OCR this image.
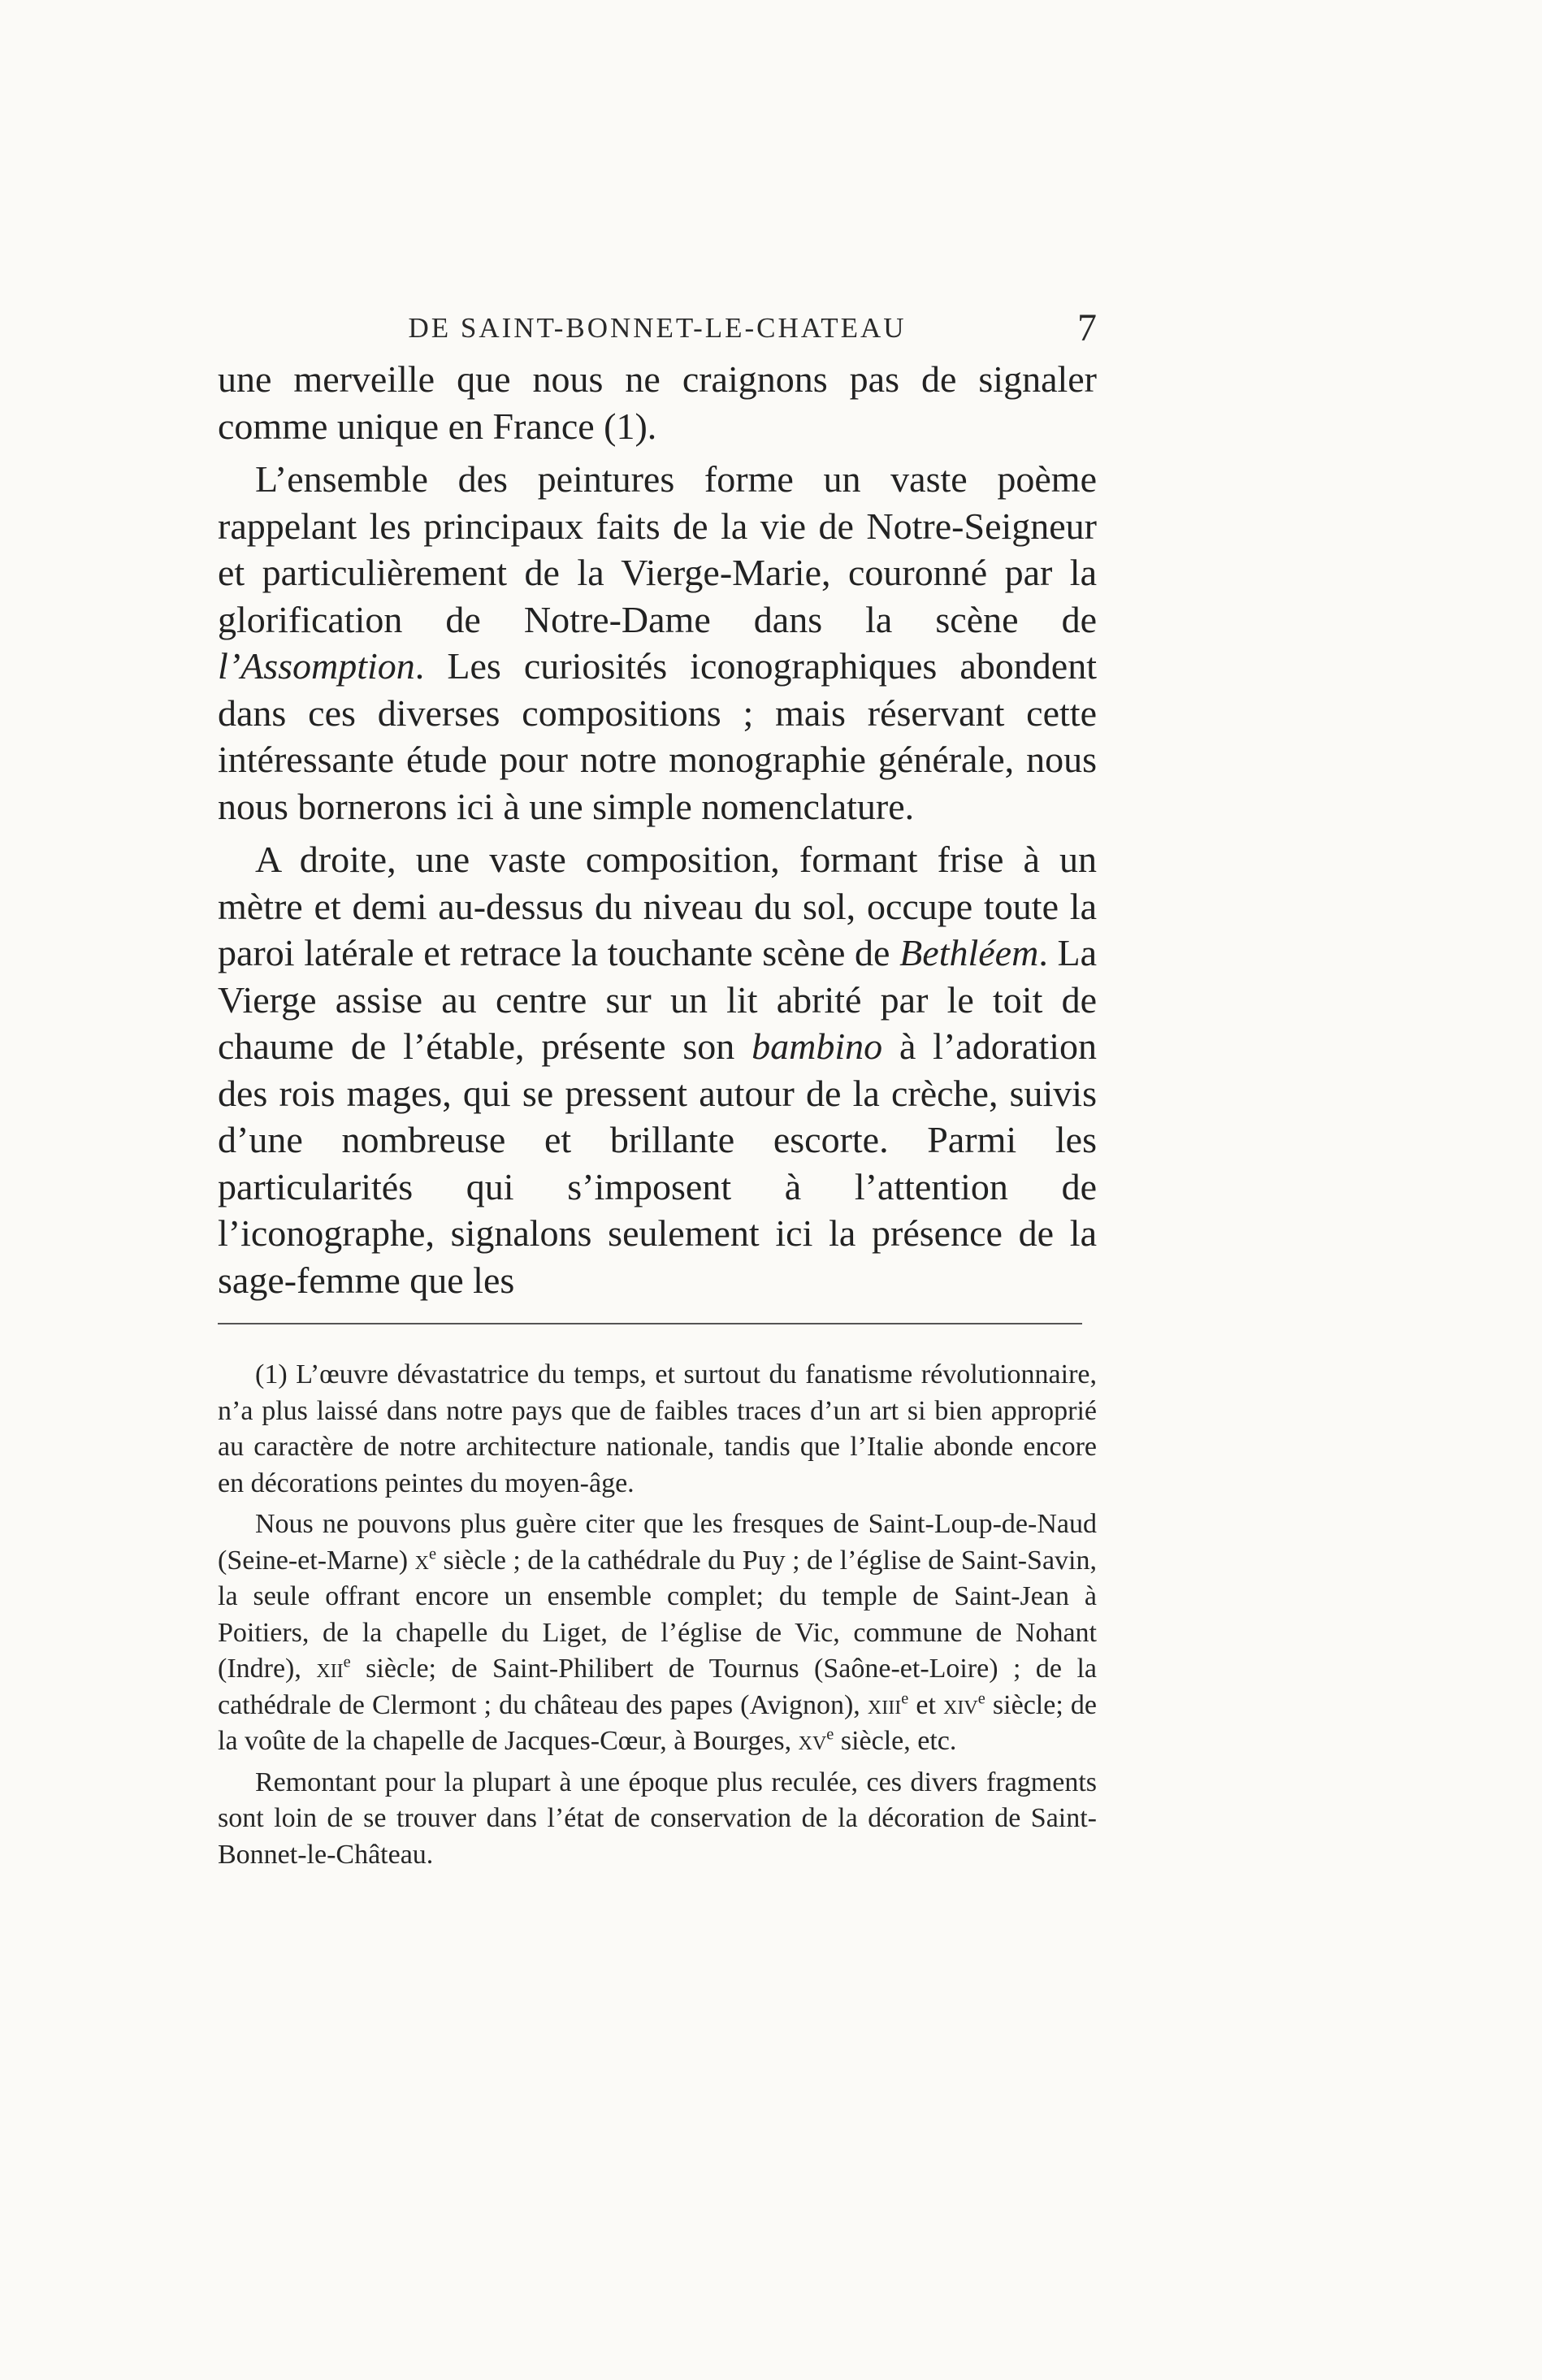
DE SAINT-BONNET-LE-CHATEAU	7

une merveille que nous ne craignons pas de signaler comme unique en France (1).

L’ensemble des peintures forme un vaste poème rappelant les principaux faits de la vie de Notre-Seigneur et particulièrement de la Vierge-Marie, couronné par la glorification de Notre-Dame dans la scène de l’Assomption. Les curiosités iconographiques abondent dans ces diverses compositions ; mais réservant cette intéressante étude pour notre monographie générale, nous nous bornerons ici à une simple nomenclature.

A droite, une vaste composition, formant frise à un mètre et demi au-dessus du niveau du sol, occupe toute la paroi latérale et retrace la touchante scène de Bethléem. La Vierge assise au centre sur un lit abrité par le toit de chaume de l’étable, présente son bambino à l’adoration des rois mages, qui se pressent autour de la crèche, suivis d’une nombreuse et brillante escorte. Parmi les particularités qui s’imposent à l’attention de l’iconographe, signalons seulement ici la présence de la sage-femme que les

(1) L’œuvre dévastatrice du temps, et surtout du fanatisme révolutionnaire, n’a plus laissé dans notre pays que de faibles traces d’un art si bien approprié au caractère de notre architecture nationale, tandis que l’Italie abonde encore en décorations peintes du moyen-âge.

Nous ne pouvons plus guère citer que les fresques de Saint-Loup-de-Naud (Seine-et-Marne) $x^e$ siècle ; de la cathédrale du Puy ; de l’église de Saint-Savin, la seule offrant encore un ensemble complet; du temple de Saint-Jean à Poitiers, de la chapelle du Liget, de l’église de Vic, commune de Nohant (Indre), xii$^e$ siècle; de Saint-Philibert de Tournus (Saône-et-Loire) ; de la cathédrale de Clermont ; du château des papes (Avignon), xiii$^e$ et xiv$^e$ siècle; de la voûte de la chapelle de Jacques-Cœur, à Bourges, $xv^e$ siècle, etc.

Remontant pour la plupart à une époque plus reculée, ces divers fragments sont loin de se trouver dans l’état de conservation de la décoration de Saint-Bonnet-le-Château.
